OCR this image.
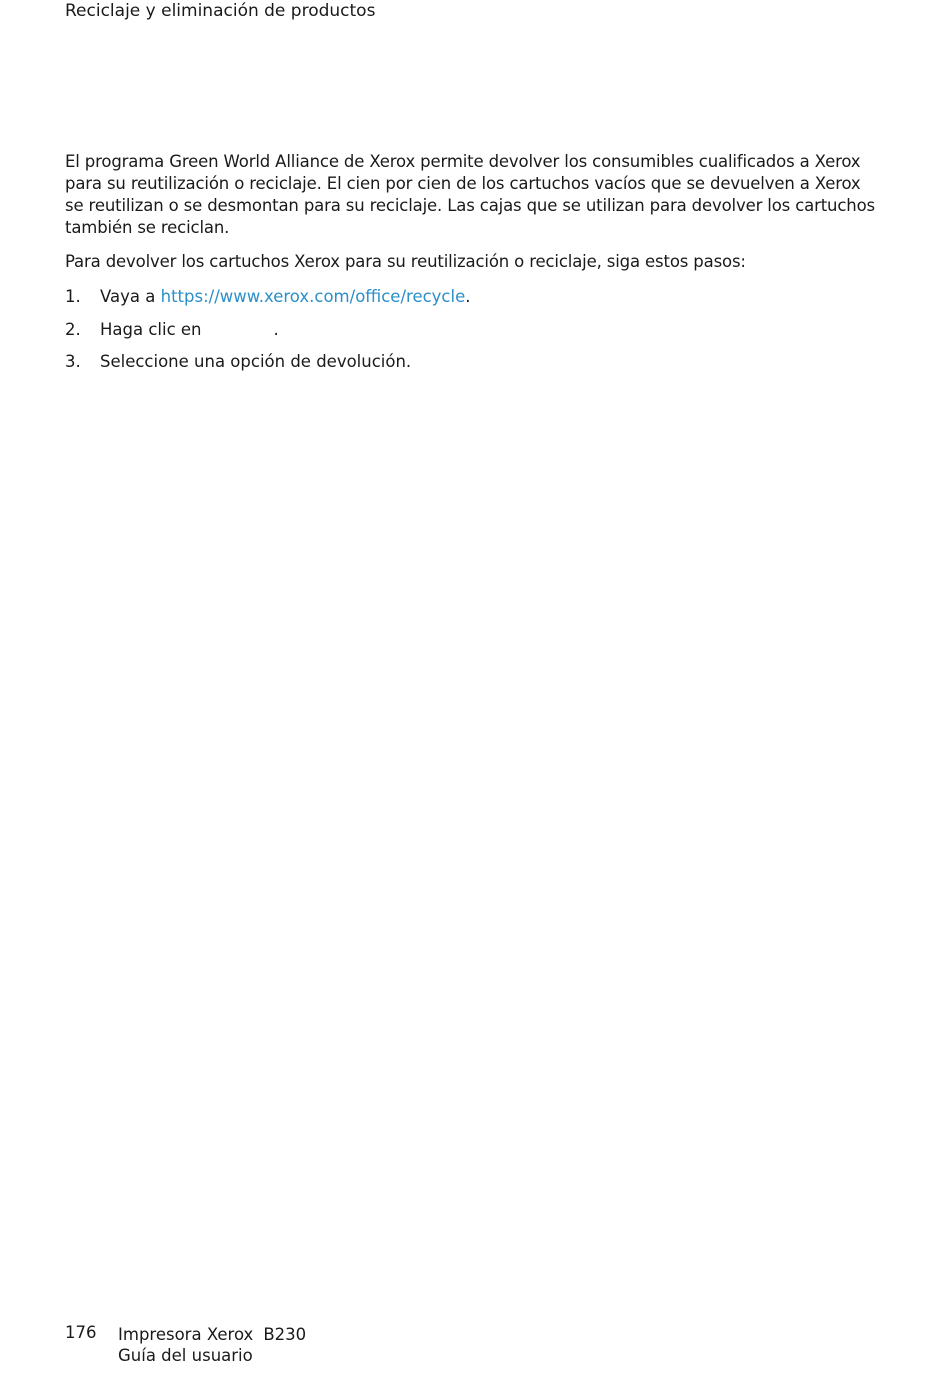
Reciclaje y eliminación de productos
El programa Green World Alliance de Xerox permite devolver los consumibles cualificados a Xerox
para su reutilización o reciclaje. El cien por cien de los cartuchos vacíos que se devuelven a Xerox
se reutilizan o se desmontan para su reciclaje. Las cajas que se utilizan para devolver los cartuchos
también se reciclan.
Para devolver los cartuchos Xerox para su reutilización o reciclaje, siga estos pasos:
1. Vaya a https://www.xerox.com/office/recycle.
2. Haga clic en	.
3. Seleccione una opción de devolución.
176 Impresora Xerox B230
Guía del usuario
